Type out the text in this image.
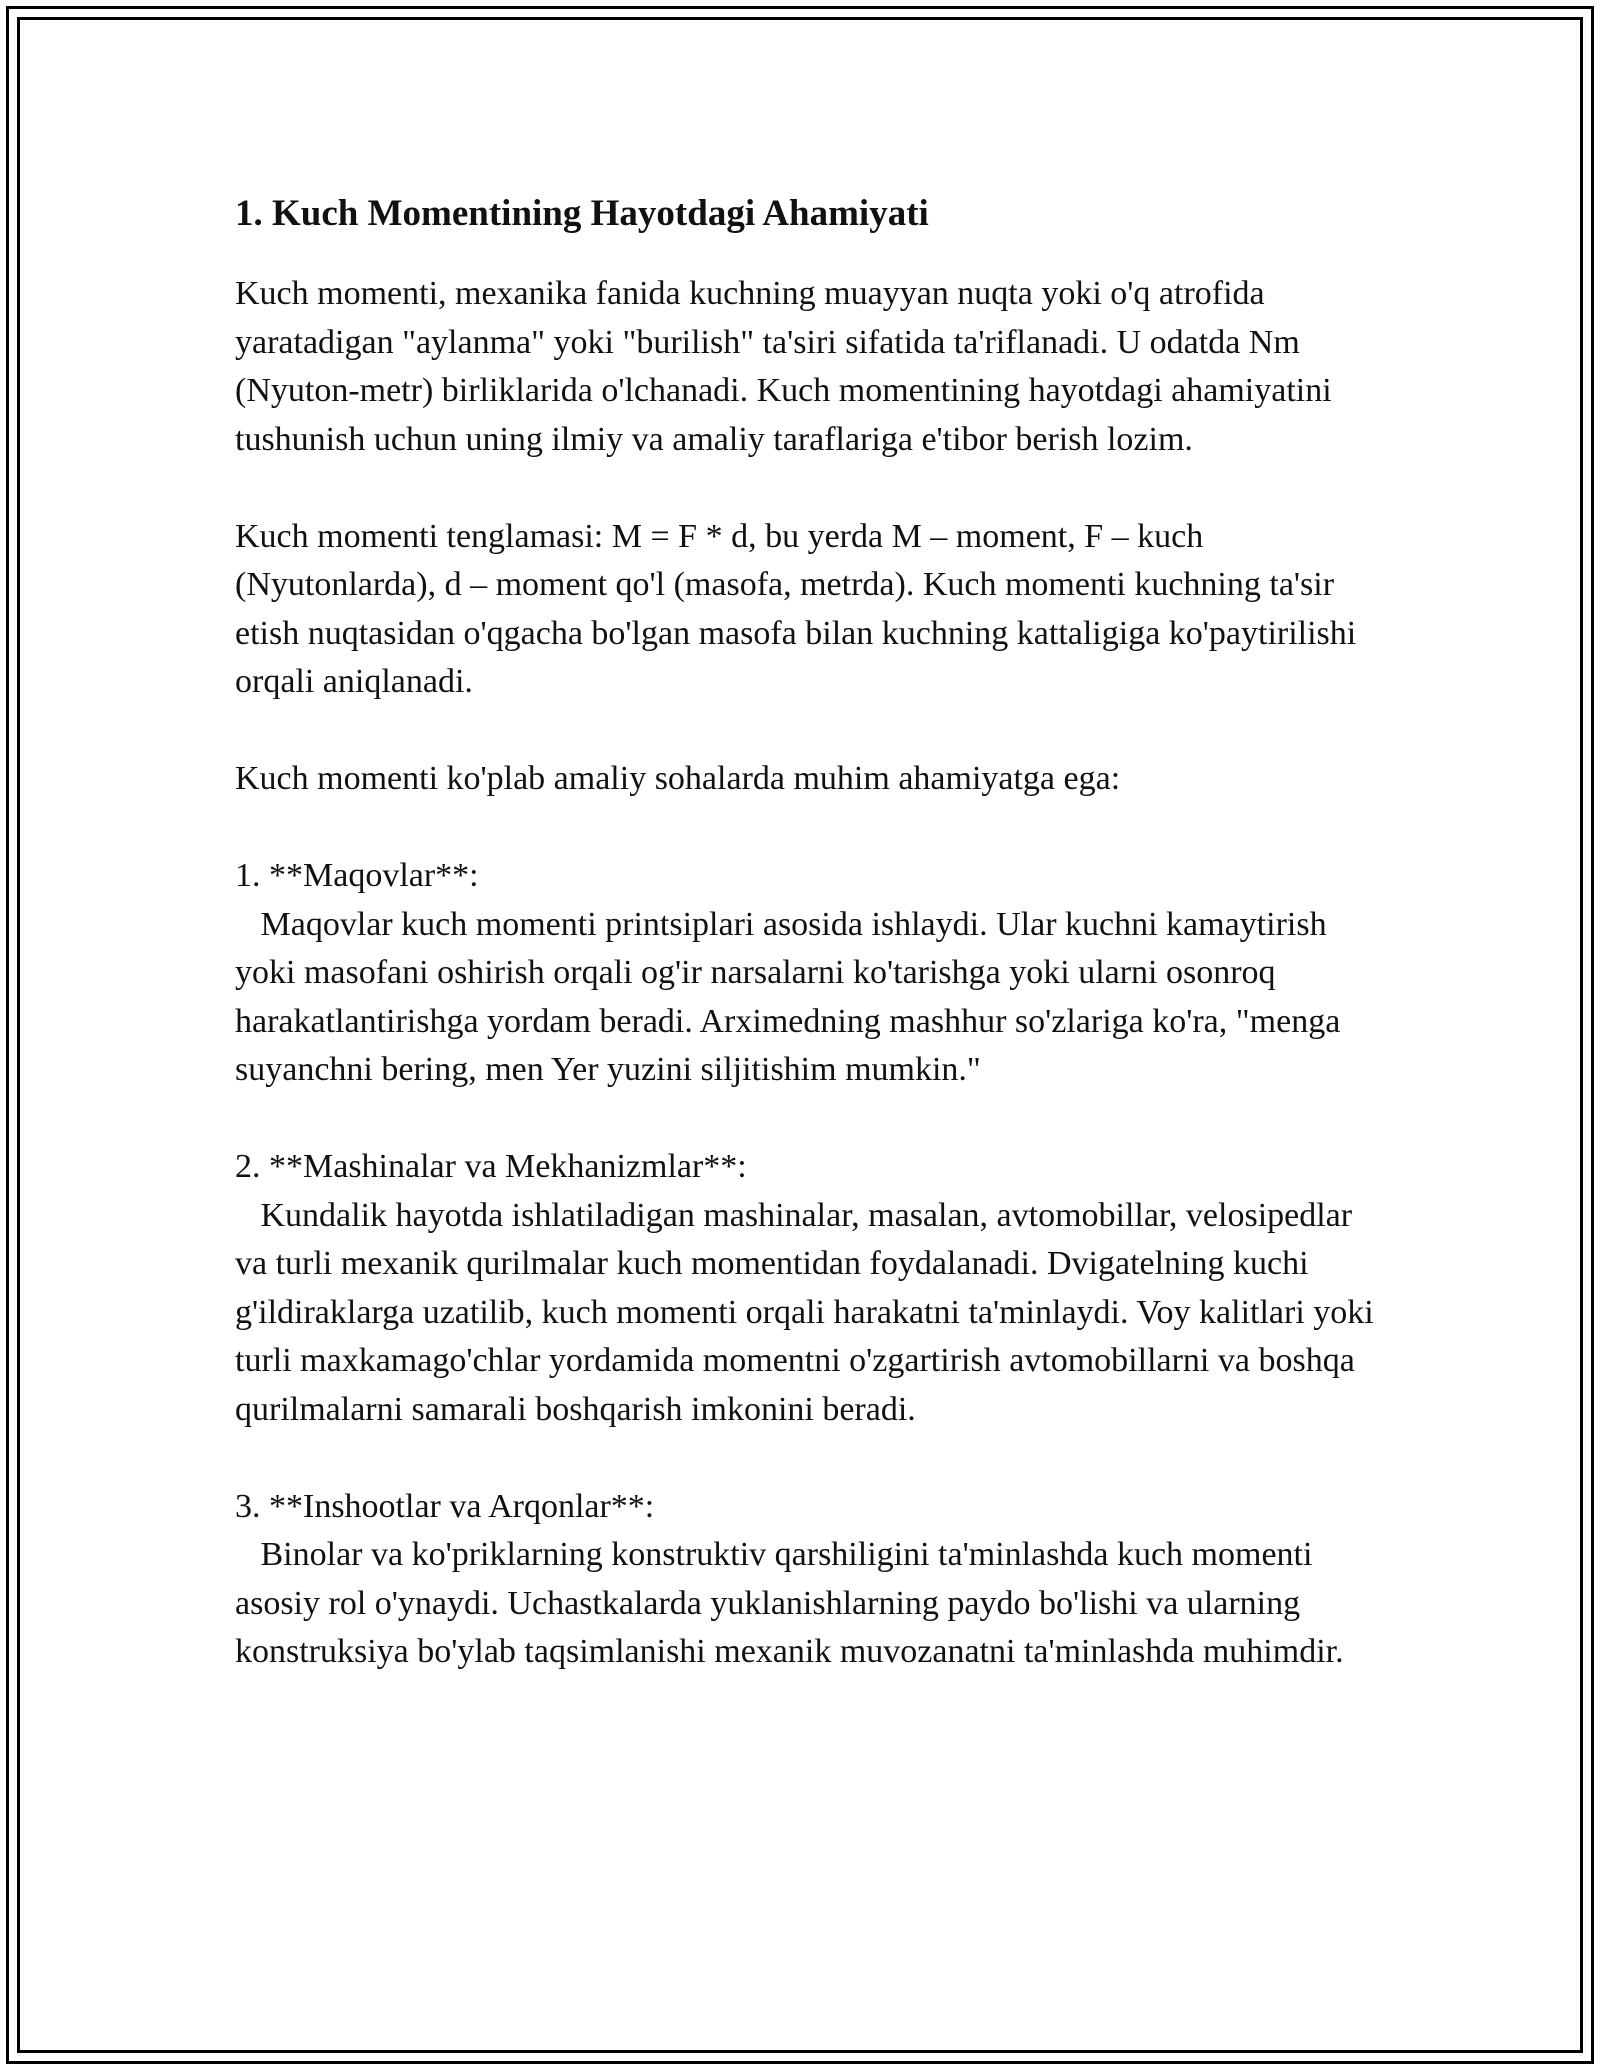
1. Kuch Momentining Hayotdagi Ahamiyati

Kuch momenti, mexanika fanida kuchning muayyan nuqta yoki o'q atrofida yaratadigan "aylanma" yoki "burilish" ta'siri sifatida ta'riflanadi. U odatda Nm (Nyuton-metr) birliklarida o'lchanadi. Kuch momentining hayotdagi ahamiyatini tushunish uchun uning ilmiy va amaliy taraflariga e'tibor berish lozim.

Kuch momenti tenglamasi: M = F * d, bu yerda M – moment, F – kuch (Nyutonlarda), d – moment qo'l (masofa, metrda). Kuch momenti kuchning ta'sir etish nuqtasidan o'qgacha bo'lgan masofa bilan kuchning kattaligiga ko'paytirilishi orqali aniqlanadi.

Kuch momenti ko'plab amaliy sohalarda muhim ahamiyatga ega:

1. **Maqovlar**:

Maqovlar kuch momenti printsiplari asosida ishlaydi. Ular kuchni kamaytirish yoki masofani oshirish orqali og'ir narsalarni ko'tarishga yoki ularni osonroq harakatlantirishga yordam beradi. Arximedning mashhur so'zlariga ko'ra, "menga suyanchni bering, men Yer yuzini siljitishim mumkin."

2. **Mashinalar va Mekhanizmlar**:

Kundalik hayotda ishlatiladigan mashinalar, masalan, avtomobillar, velosipedlar va turli mexanik qurilmalar kuch momentidan foydalanadi. Dvigatelning kuchi g'ildiraklarga uzatilib, kuch momenti orqali harakatni ta'minlaydi. Voy kalitlari yoki turli maxkamago'chlar yordamida momentni o'zgartirish avtomobillarni va boshqa qurilmalarni samarali boshqarish imkonini beradi.

3. **Inshootlar va Arqonlar**:

Binolar va ko'priklarning konstruktiv qarshiligini ta'minlashda kuch momenti asosiy rol o'ynaydi. Uchastkalarda yuklanishlarning paydo bo'lishi va ularning konstruksiya bo'ylab taqsimlanishi mexanik muvozanatni ta'minlashda muhimdir.
